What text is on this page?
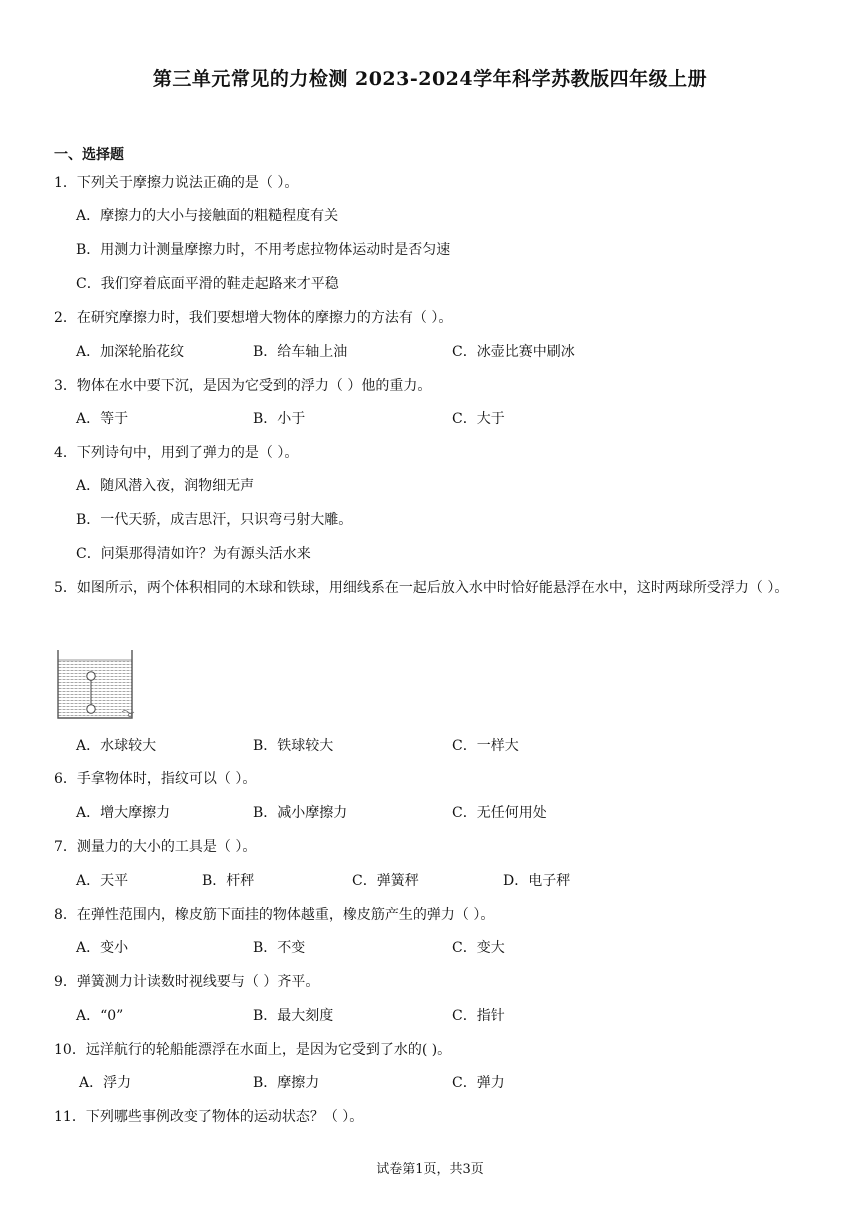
第三单元常见的力检测 2023-2024学年科学苏教版四年级上册
一、选择题
1．下列关于摩擦力说法正确的是（ ）。
A．摩擦力的大小与接触面的粗糙程度有关
B．用测力计测量摩擦力时，不用考虑拉物体运动时是否匀速
C．我们穿着底面平滑的鞋走起路来才平稳
2．在研究摩擦力时，我们要想增大物体的摩擦力的方法有（ ）。
A．加深轮胎花纹	B．给车轴上油	C．冰壶比赛中刷冰
3．物体在水中要下沉，是因为它受到的浮力（ ）他的重力。
A．等于	B．小于	C．大于
4．下列诗句中，用到了弹力的是（ ）。
A．随风潜入夜，润物细无声
B．一代天骄，成吉思汗，只识弯弓射大雕。
C．问渠那得清如许？为有源头活水来
5．如图所示，两个体积相同的木球和铁球，用细线系在一起后放入水中时恰好能悬浮在水中，这时两球所受浮力（ ）。
A．水球较大	B．铁球较大	C．一样大
6．手拿物体时，指纹可以（ ）。
A．增大摩擦力	B．减小摩擦力	C．无任何用处
7．测量力的大小的工具是（ ）。
A．天平	B．杆秤	C．弹簧秤	D．电子秤
8．在弹性范围内，橡皮筋下面挂的物体越重，橡皮筋产生的弹力（ ）。
A．变小	B．不变	C．变大
9．弹簧测力计读数时视线要与（ ）齐平。
A．“0”	B．最大刻度	C．指针
10．远洋航行的轮船能漂浮在水面上，是因为它受到了水的( )。
A．浮力	B．摩擦力	C．弹力
11．下列哪些事例改变了物体的运动状态？（ ）。
试卷第1页，共3页
